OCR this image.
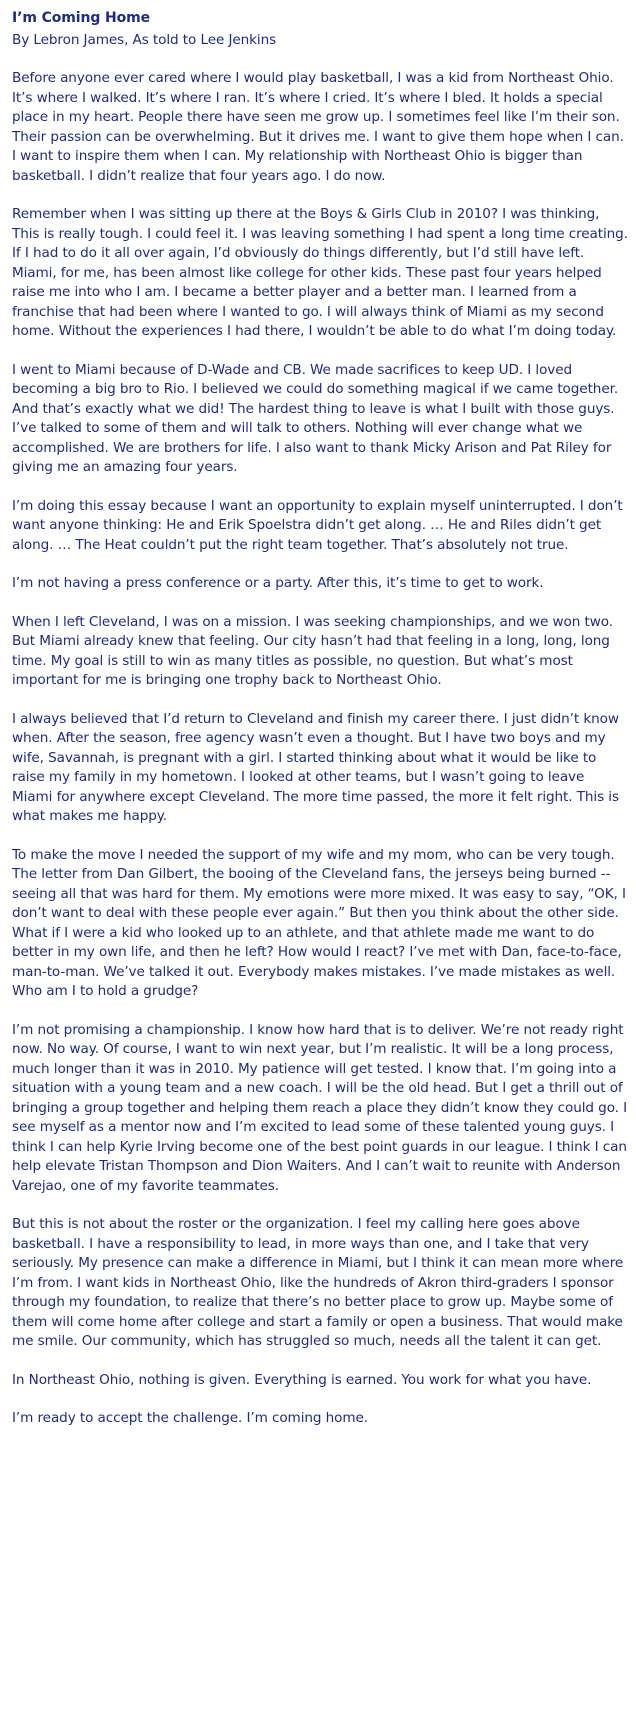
I’m Coming Home
By Lebron James, As told to Lee Jenkins

Before anyone ever cared where I would play basketball, I was a kid from Northeast Ohio. It’s where I walked. It’s where I ran. It’s where I cried. It’s where I bled. It holds a special place in my heart. People there have seen me grow up. I sometimes feel like I’m their son. Their passion can be overwhelming. But it drives me. I want to give them hope when I can. I want to inspire them when I can. My relationship with Northeast Ohio is bigger than basketball. I didn’t realize that four years ago. I do now.

Remember when I was sitting up there at the Boys & Girls Club in 2010? I was thinking, This is really tough. I could feel it. I was leaving something I had spent a long time creating. If I had to do it all over again, I’d obviously do things differently, but I’d still have left. Miami, for me, has been almost like college for other kids. These past four years helped raise me into who I am. I became a better player and a better man. I learned from a franchise that had been where I wanted to go. I will always think of Miami as my second home. Without the experiences I had there, I wouldn’t be able to do what I’m doing today.

I went to Miami because of D-Wade and CB. We made sacrifices to keep UD. I loved becoming a big bro to Rio. I believed we could do something magical if we came together. And that’s exactly what we did! The hardest thing to leave is what I built with those guys. I’ve talked to some of them and will talk to others. Nothing will ever change what we accomplished. We are brothers for life. I also want to thank Micky Arison and Pat Riley for giving me an amazing four years.

I’m doing this essay because I want an opportunity to explain myself uninterrupted. I don’t want anyone thinking: He and Erik Spoelstra didn’t get along. … He and Riles didn’t get along. … The Heat couldn’t put the right team together. That’s absolutely not true.

I’m not having a press conference or a party. After this, it’s time to get to work.

When I left Cleveland, I was on a mission. I was seeking championships, and we won two. But Miami already knew that feeling. Our city hasn’t had that feeling in a long, long, long time. My goal is still to win as many titles as possible, no question. But what’s most important for me is bringing one trophy back to Northeast Ohio.

I always believed that I’d return to Cleveland and finish my career there. I just didn’t know when. After the season, free agency wasn’t even a thought. But I have two boys and my wife, Savannah, is pregnant with a girl. I started thinking about what it would be like to raise my family in my hometown. I looked at other teams, but I wasn’t going to leave Miami for anywhere except Cleveland. The more time passed, the more it felt right. This is what makes me happy.

To make the move I needed the support of my wife and my mom, who can be very tough. The letter from Dan Gilbert, the booing of the Cleveland fans, the jerseys being burned -- seeing all that was hard for them. My emotions were more mixed. It was easy to say, “OK, I don’t want to deal with these people ever again.” But then you think about the other side. What if I were a kid who looked up to an athlete, and that athlete made me want to do better in my own life, and then he left? How would I react? I’ve met with Dan, face-to-face, man-to-man. We’ve talked it out. Everybody makes mistakes. I’ve made mistakes as well. Who am I to hold a grudge?

I’m not promising a championship. I know how hard that is to deliver. We’re not ready right now. No way. Of course, I want to win next year, but I’m realistic. It will be a long process, much longer than it was in 2010. My patience will get tested. I know that. I’m going into a situation with a young team and a new coach. I will be the old head. But I get a thrill out of bringing a group together and helping them reach a place they didn’t know they could go. I see myself as a mentor now and I’m excited to lead some of these talented young guys. I think I can help Kyrie Irving become one of the best point guards in our league. I think I can help elevate Tristan Thompson and Dion Waiters. And I can’t wait to reunite with Anderson Varejao, one of my favorite teammates.

But this is not about the roster or the organization. I feel my calling here goes above basketball. I have a responsibility to lead, in more ways than one, and I take that very seriously. My presence can make a difference in Miami, but I think it can mean more where I’m from. I want kids in Northeast Ohio, like the hundreds of Akron third-graders I sponsor through my foundation, to realize that there’s no better place to grow up. Maybe some of them will come home after college and start a family or open a business. That would make me smile. Our community, which has struggled so much, needs all the talent it can get.

In Northeast Ohio, nothing is given. Everything is earned. You work for what you have.

I’m ready to accept the challenge. I’m coming home.
